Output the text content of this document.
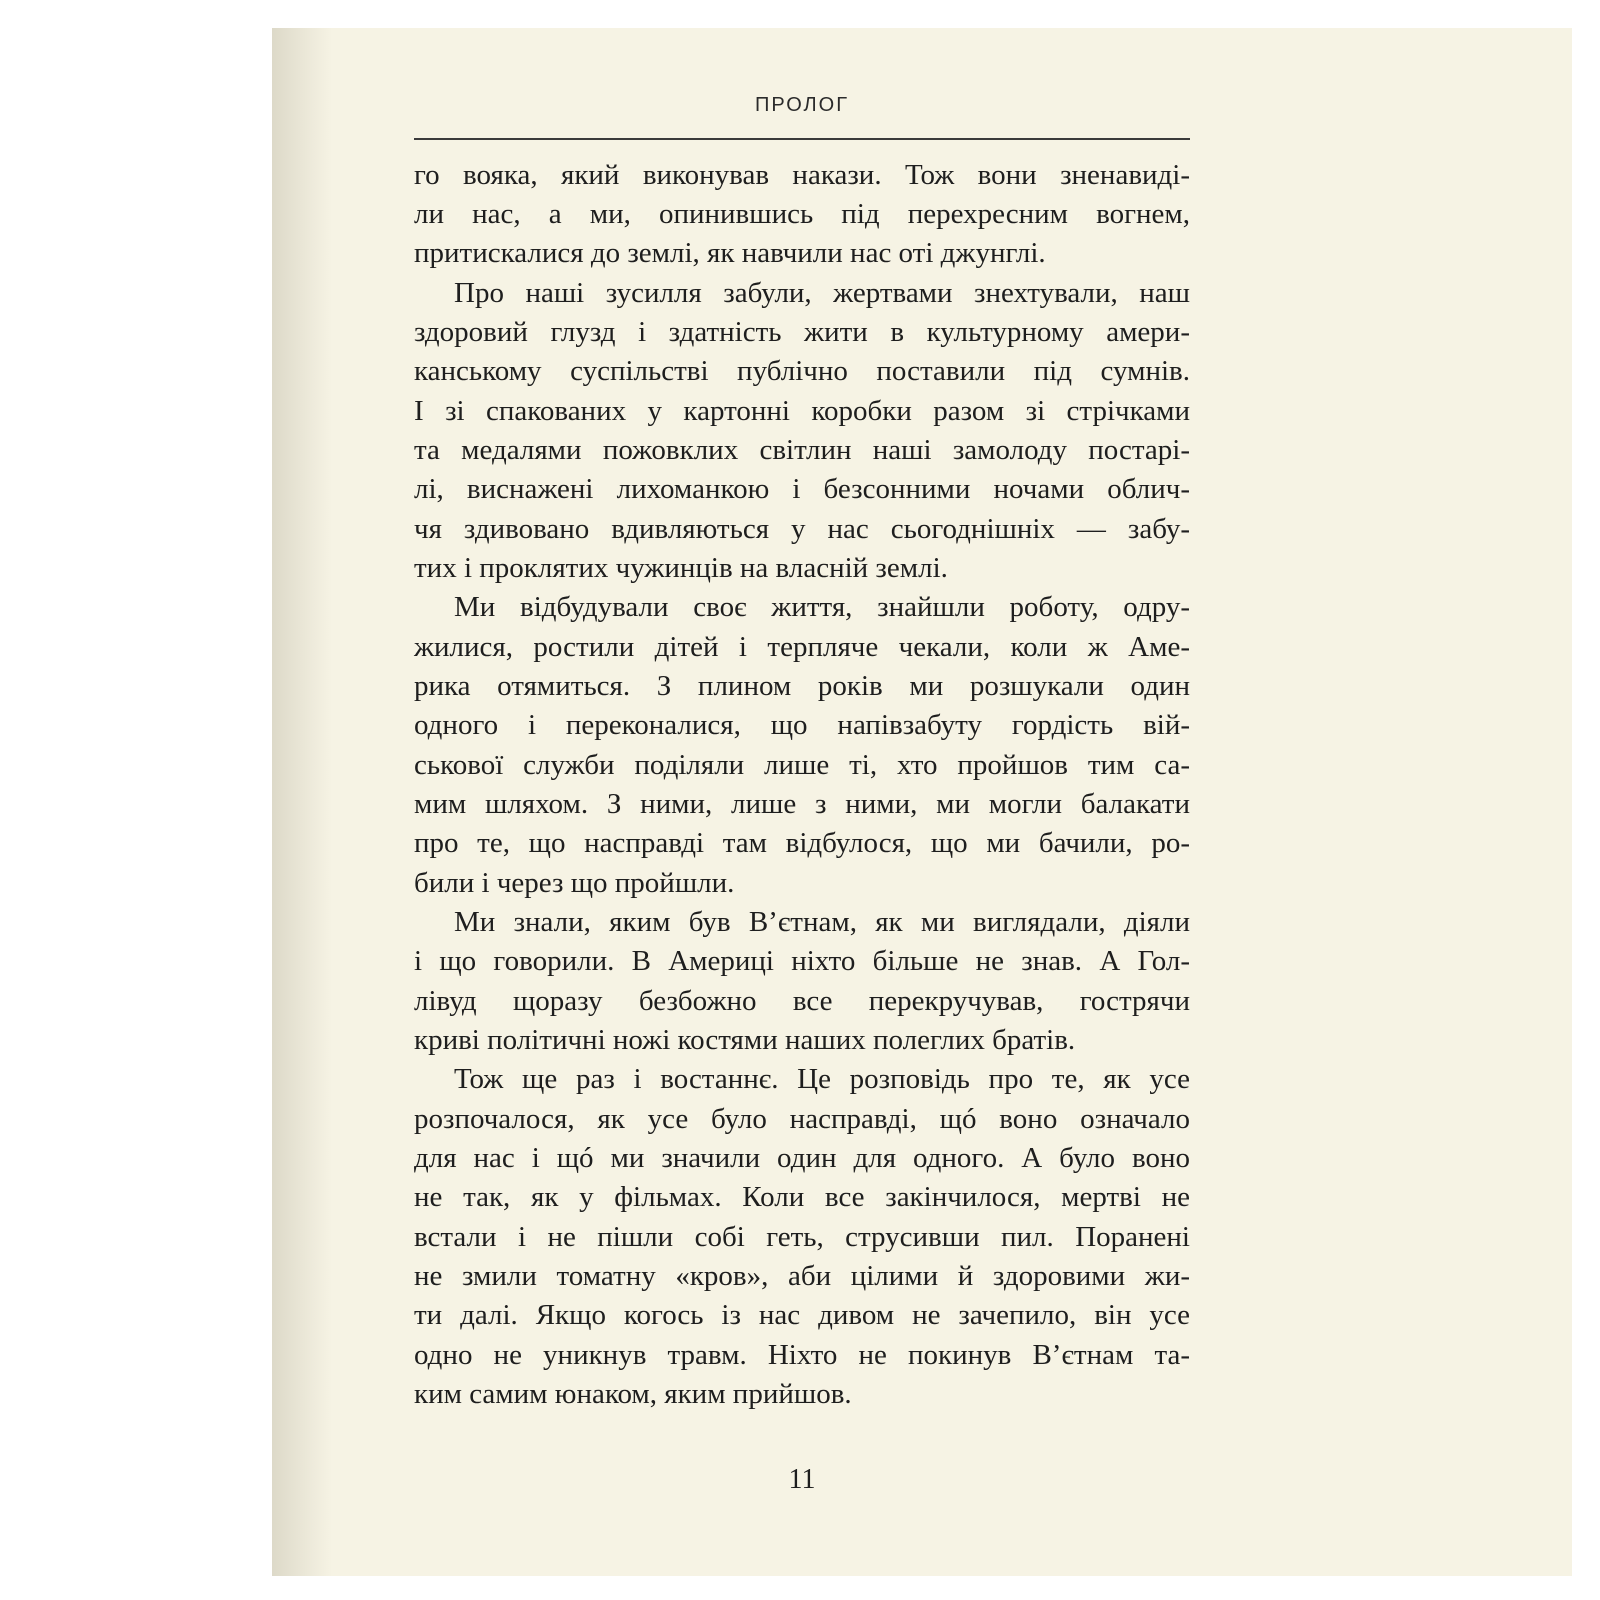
ПРОЛОГ
го вояка, який виконував накази. Тож вони зненавиді-
ли нас, а ми, опинившись під перехресним вогнем,
притискалися до землі, як навчили нас оті джунглі.
Про наші зусилля забули, жертвами знехтували, наш
здоровий глузд і здатність жити в культурному амери-
канському суспільстві публічно поставили під сумнів.
І зі спакованих у картонні коробки разом зі стрічками
та медалями пожовклих світлин наші замолоду постарі-
лі, виснажені лихоманкою і безсонними ночами облич-
чя здивовано вдивляються у нас сьогоднішніх — забу-
тих і проклятих чужинців на власній землі.
Ми відбудували своє життя, знайшли роботу, одру-
жилися, ростили дітей і терпляче чекали, коли ж Аме-
рика отямиться. З плином років ми розшукали один
одного і переконалися, що напівзабуту гордість вій-
ськової служби поділяли лише ті, хто пройшов тим са-
мим шляхом. З ними, лише з ними, ми могли балакати
про те, що насправді там відбулося, що ми бачили, ро-
били і через що пройшли.
Ми знали, яким був В’єтнам, як ми виглядали, діяли
і що говорили. В Америці ніхто більше не знав. А Гол-
лівуд щоразу безбожно все перекручував, гострячи
криві політичні ножі костями наших полеглих братів.
Тож ще раз і востаннє. Це розповідь про те, як усе
розпочалося, як усе було насправді, щó воно означало
для нас і щó ми значили один для одного. А було воно
не так, як у фільмах. Коли все закінчилося, мертві не
встали і не пішли собі геть, струсивши пил. Поранені
не змили томатну «кров», аби цілими й здоровими жи-
ти далі. Якщо когось із нас дивом не зачепило, він усе
одно не уникнув травм. Ніхто не покинув В’єтнам та-
ким самим юнаком, яким прийшов.
11
